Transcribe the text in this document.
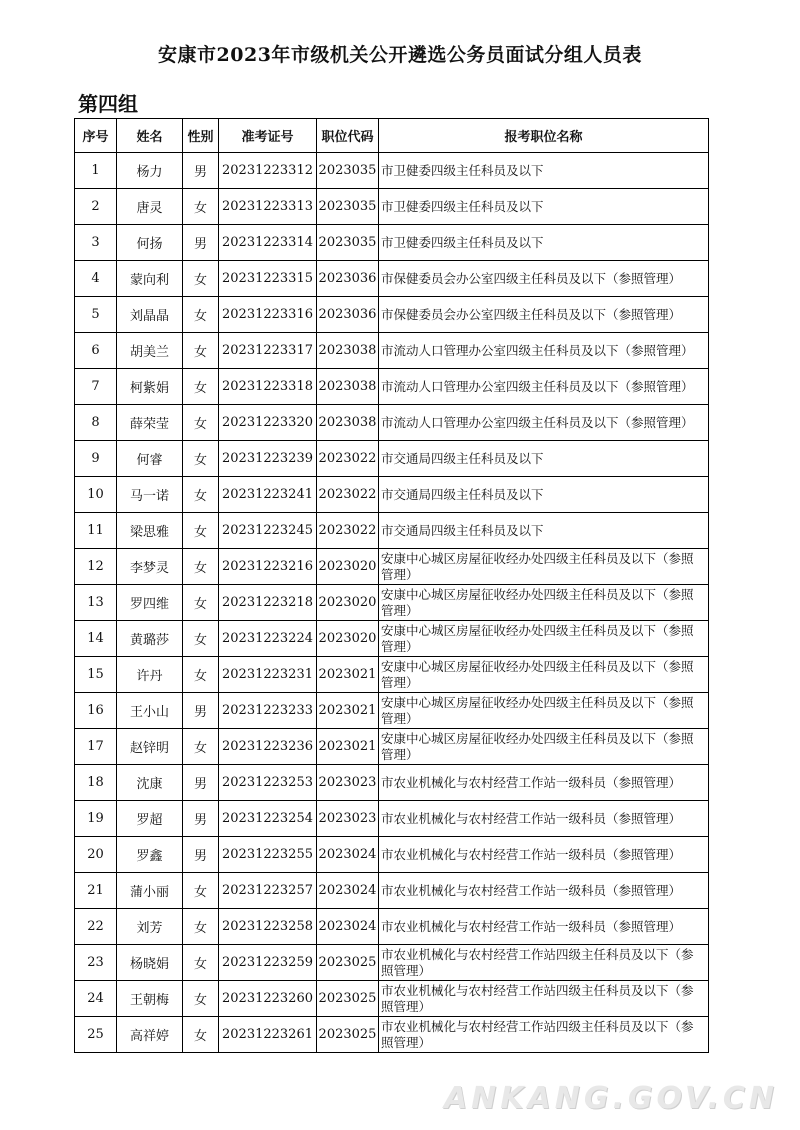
安康市2023年市级机关公开遴选公务员面试分组人员表
第四组
序号	姓名	性别	准考证号	职位代码	报考职位名称
1	杨力	男	20231223312	2023035	市卫健委四级主任科员及以下
2	唐灵	女	20231223313	2023035	市卫健委四级主任科员及以下
3	何扬	男	20231223314	2023035	市卫健委四级主任科员及以下
4	蒙向利	女	20231223315	2023036	市保健委员会办公室四级主任科员及以下（参照管理）
5	刘晶晶	女	20231223316	2023036	市保健委员会办公室四级主任科员及以下（参照管理）
6	胡美兰	女	20231223317	2023038	市流动人口管理办公室四级主任科员及以下（参照管理）
7	柯紫娟	女	20231223318	2023038	市流动人口管理办公室四级主任科员及以下（参照管理）
8	薛荣莹	女	20231223320	2023038	市流动人口管理办公室四级主任科员及以下（参照管理）
9	何睿	女	20231223239	2023022	市交通局四级主任科员及以下
10	马一诺	女	20231223241	2023022	市交通局四级主任科员及以下
11	梁思雅	女	20231223245	2023022	市交通局四级主任科员及以下
12	李梦灵	女	20231223216	2023020	安康中心城区房屋征收经办处四级主任科员及以下（参照管理）
13	罗四维	女	20231223218	2023020	安康中心城区房屋征收经办处四级主任科员及以下（参照管理）
14	黄璐莎	女	20231223224	2023020	安康中心城区房屋征收经办处四级主任科员及以下（参照管理）
15	许丹	女	20231223231	2023021	安康中心城区房屋征收经办处四级主任科员及以下（参照管理）
16	王小山	男	20231223233	2023021	安康中心城区房屋征收经办处四级主任科员及以下（参照管理）
17	赵锌明	女	20231223236	2023021	安康中心城区房屋征收经办处四级主任科员及以下（参照管理）
18	沈康	男	20231223253	2023023	市农业机械化与农村经营工作站一级科员（参照管理）
19	罗超	男	20231223254	2023023	市农业机械化与农村经营工作站一级科员（参照管理）
20	罗鑫	男	20231223255	2023024	市农业机械化与农村经营工作站一级科员（参照管理）
21	蒲小丽	女	20231223257	2023024	市农业机械化与农村经营工作站一级科员（参照管理）
22	刘芳	女	20231223258	2023024	市农业机械化与农村经营工作站一级科员（参照管理）
23	杨晓娟	女	20231223259	2023025	市农业机械化与农村经营工作站四级主任科员及以下（参照管理）
24	王朝梅	女	20231223260	2023025	市农业机械化与农村经营工作站四级主任科员及以下（参照管理）
25	高祥婷	女	20231223261	2023025	市农业机械化与农村经营工作站四级主任科员及以下（参照管理）
ANKANG.GOV.CN
